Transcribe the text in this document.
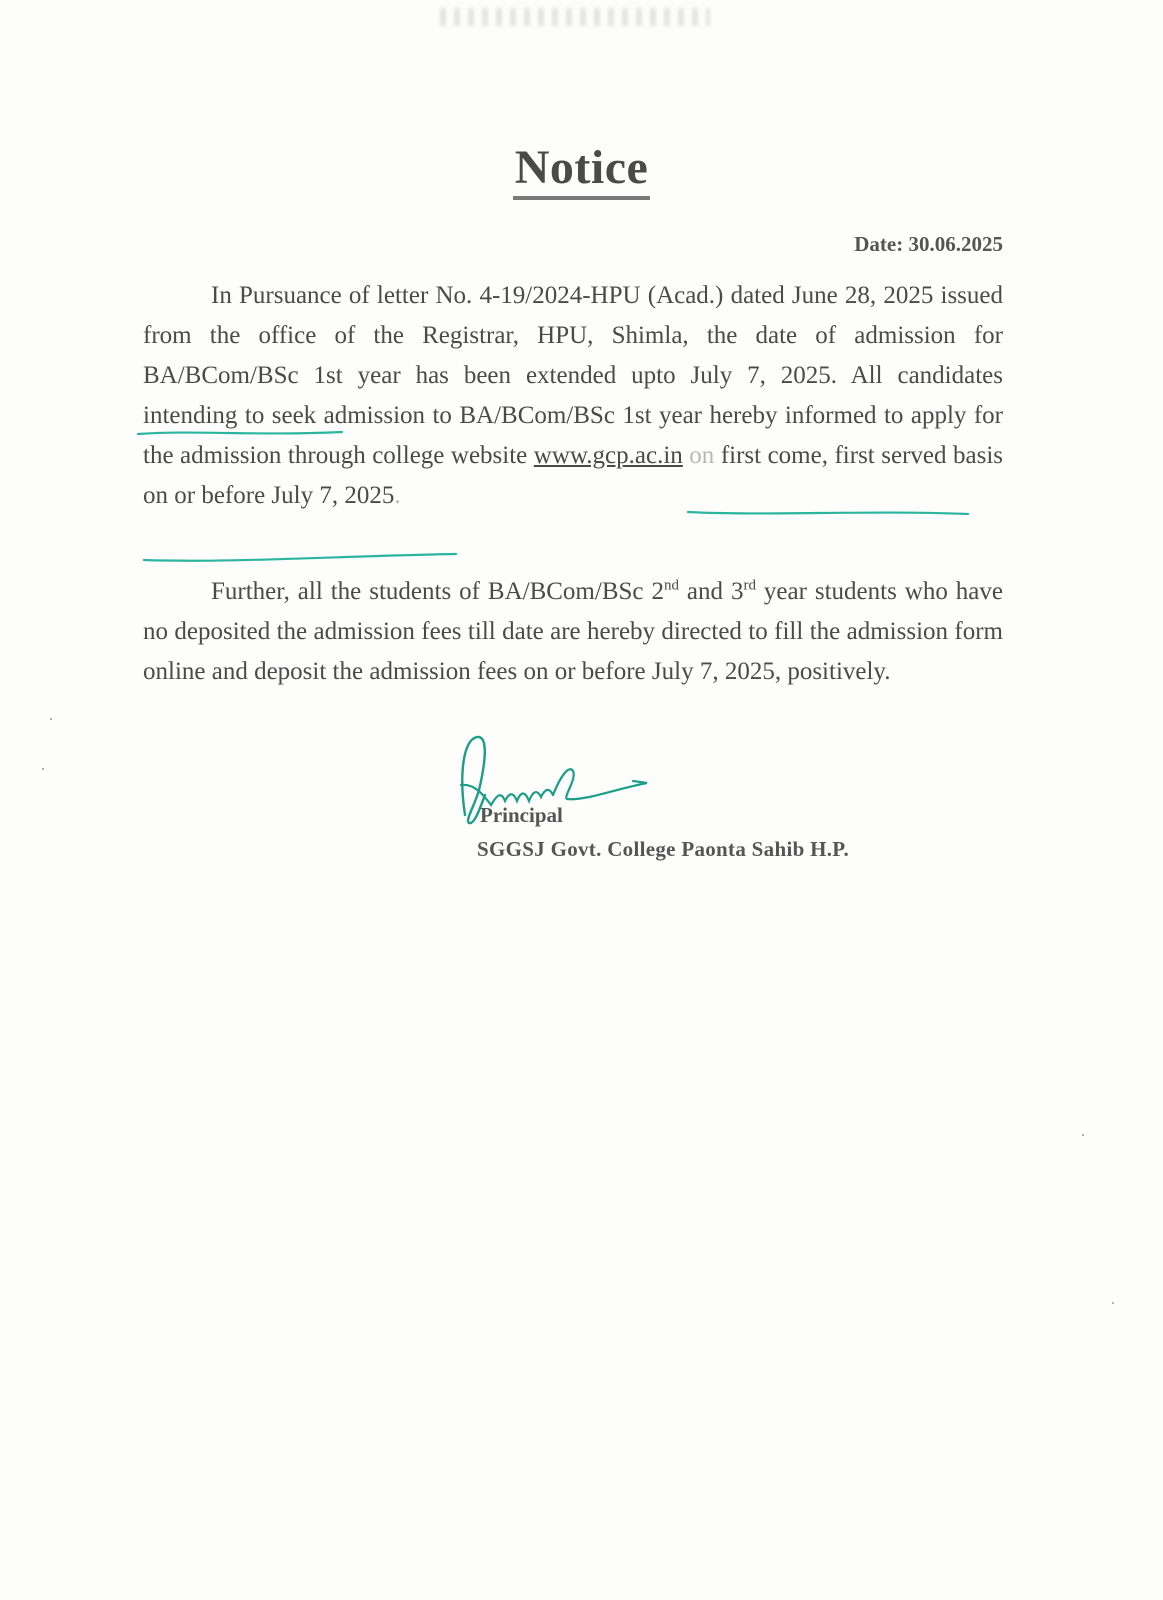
Notice
Date: 30.06.2025

In Pursuance of letter No. 4-19/2024-HPU (Acad.) dated June 28, 2025 issued from the office of the Registrar, HPU, Shimla, the date of admission for BA/BCom/BSc 1st year has been extended upto July 7, 2025. All candidates intending to seek admission to BA/BCom/BSc 1st year hereby informed to apply for the admission through college website www.gcp.ac.in on first come, first served basis on or before July 7, 2025.

Further, all the students of BA/BCom/BSc 2nd and 3rd year students who have no deposited the admission fees till date are hereby directed to fill the admission form online and deposit the admission fees on or before July 7, 2025, positively.

Principal
SGGSJ Govt. College Paonta Sahib H.P.
